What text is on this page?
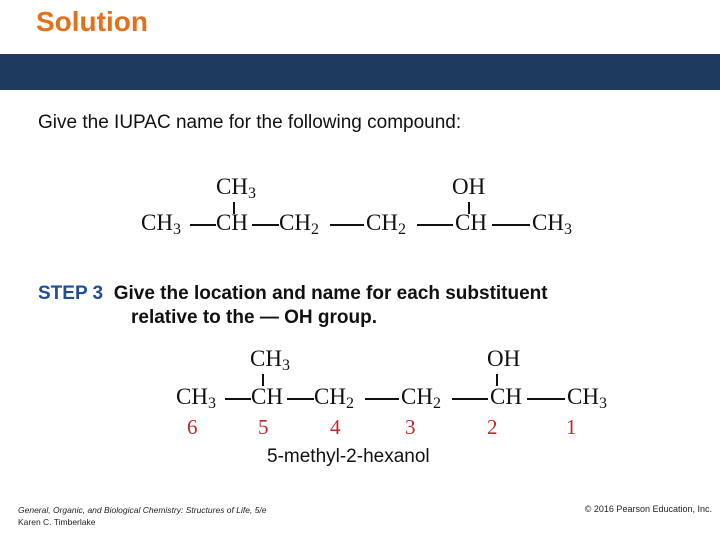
Solution
Give the IUPAC name for the following compound:
$CH_3$	OH
$CH_3$ CH $CH_2$ $CH_2$ CH $CH_3$
STEP 3 Give the location and name for each substituent
relative to the — OH group.
$CH_3$	OH
$CH_3$ CH $CH_2$ $CH_2$ CH $CH_3$
6	5	4	3	2	1
5-methyl-2-hexanol
General, Organic, and Biological Chemistry: Structures of Life, 5/e
Karen C. Timberlake
© 2016 Pearson Education, Inc.
